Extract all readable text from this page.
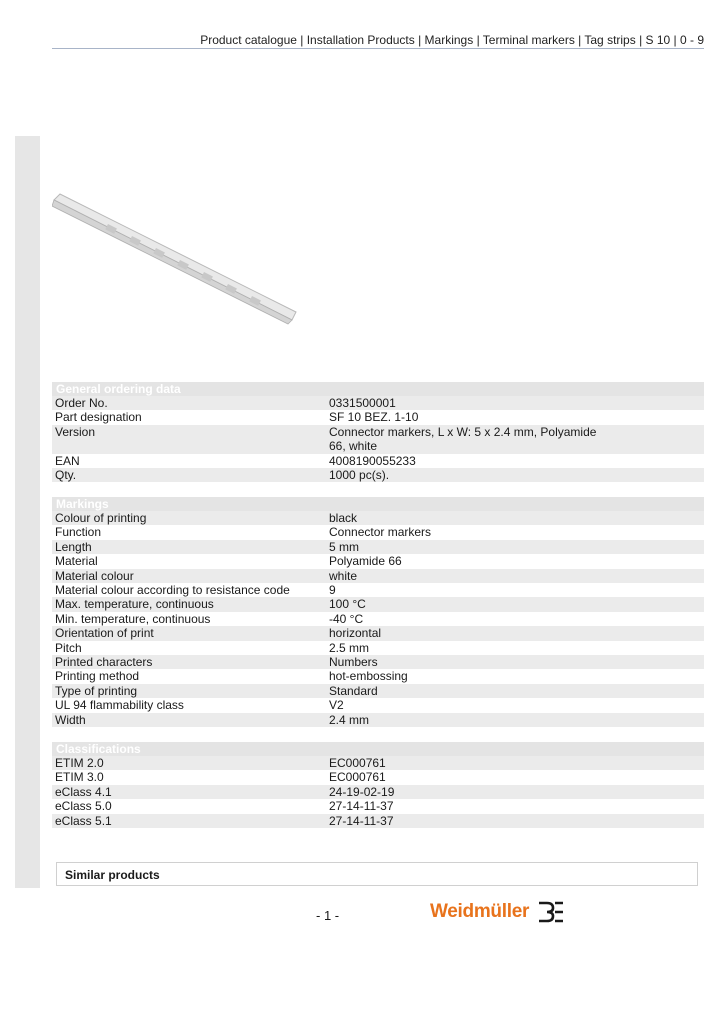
Product catalogue | Installation Products | Markings | Terminal markers | Tag strips | S 10 | 0 - 9
General ordering data
Order No.	0331500001
Part designation	SF 10 BEZ. 1-10
Version	Connector markers, L x W: 5 x 2.4 mm, Polyamide 66, white
EAN	4008190055233
Qty.	1000 pc(s).
Markings
Colour of printing	black
Function	Connector markers
Length	5 mm
Material	Polyamide 66
Material colour	white
Material colour according to resistance code	9
Max. temperature, continuous	100 °C
Min. temperature, continuous	-40 °C
Orientation of print	horizontal
Pitch	2.5 mm
Printed characters	Numbers
Printing method	hot-embossing
Type of printing	Standard
UL 94 flammability class	V2
Width	2.4 mm
Classifications
ETIM 2.0	EC000761
ETIM 3.0	EC000761
eClass 4.1	24-19-02-19
eClass 5.0	27-14-11-37
eClass 5.1	27-14-11-37
Similar products
- 1 -	Weidmüller
